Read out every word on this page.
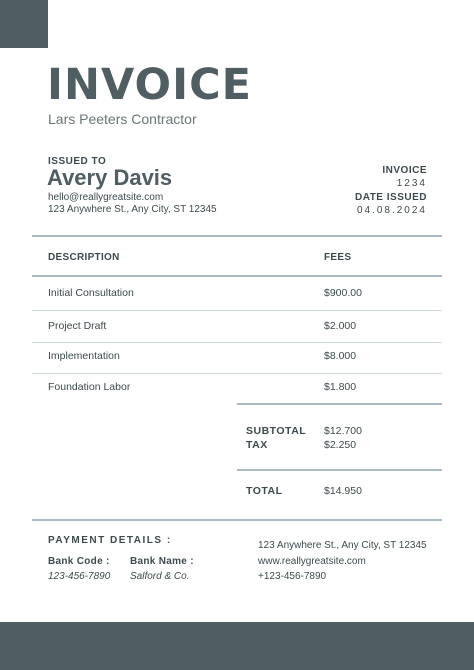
INVOICE
Lars Peeters Contractor
ISSUED TO
Avery Davis
hello@reallygreatsite.com
123 Anywhere St., Any City, ST 12345
INVOICE
1234
DATE ISSUED
04.08.2024
DESCRIPTION	FEES
Initial Consultation	$900.00
Project Draft	$2.000
Implementation	$8.000
Foundation Labor	$1.800
SUBTOTAL $12.700
TAX	$2.250
TOTAL	$14.950
PAYMENT DETAILS :
Bank Code :
123-456-7890
Bank Name :
Salford & Co.
123 Anywhere St., Any City, ST 12345
www.reallygreatsite.com
+123-456-7890
